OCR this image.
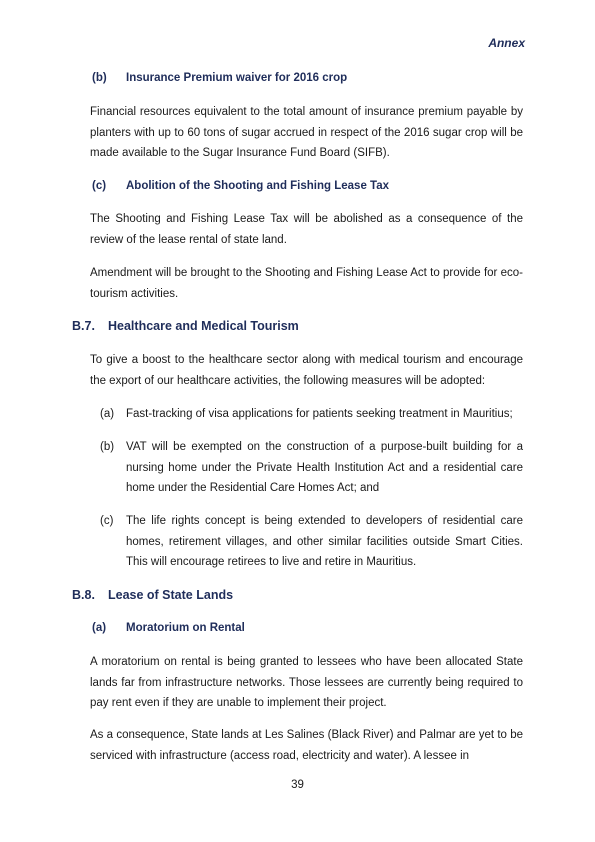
Annex
(b) Insurance Premium waiver for 2016 crop

Financial resources equivalent to the total amount of insurance premium payable by planters with up to 60 tons of sugar accrued in respect of the 2016 sugar crop will be made available to the Sugar Insurance Fund Board (SIFB).

(c) Abolition of the Shooting and Fishing Lease Tax

The Shooting and Fishing Lease Tax will be abolished as a consequence of the review of the lease rental of state land.

Amendment will be brought to the Shooting and Fishing Lease Act to provide for eco-tourism activities.

B.7. Healthcare and Medical Tourism

To give a boost to the healthcare sector along with medical tourism and encourage the export of our healthcare activities, the following measures will be adopted:

(a) Fast-tracking of visa applications for patients seeking treatment in Mauritius;
(b) VAT will be exempted on the construction of a purpose-built building for a nursing home under the Private Health Institution Act and a residential care home under the Residential Care Homes Act; and
(c) The life rights concept is being extended to developers of residential care homes, retirement villages, and other similar facilities outside Smart Cities. This will encourage retirees to live and retire in Mauritius.
B.8. Lease of State Lands
(a) Moratorium on Rental

A moratorium on rental is being granted to lessees who have been allocated State lands far from infrastructure networks. Those lessees are currently being required to pay rent even if they are unable to implement their project.

As a consequence, State lands at Les Salines (Black River) and Palmar are yet to be serviced with infrastructure (access road, electricity and water). A lessee in

39
